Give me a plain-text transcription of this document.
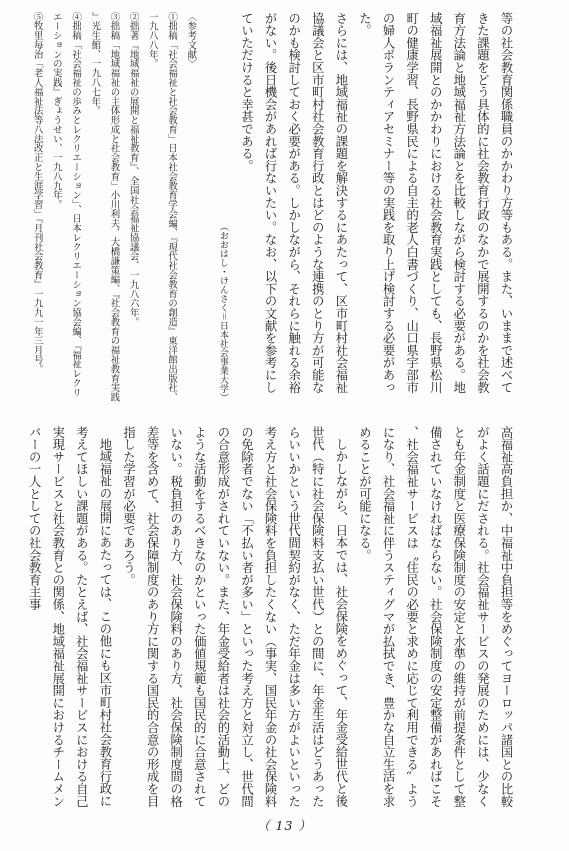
等の社会教育関係職員のかかわり方等もある。また、いままで述べてきた課題をどう具体的に社会教育行政のなかで展開するのかを社会教育方法論と地域福祉方法論とを比較しながら検討する必要がある。地域福祉展開とのかかわりにおける社会教育実践としても、長野県松川町の健康学習、長野県民による自主的老人白書づくり、山口県宇部市の婦人ボランティアセミナー等の実践を取り上げ検討する必要があった。

さらには、地域福祉の課題を解決するにあたって、区市町村社会福祉協議会と区市町村社会教育行政とはどのような連携のとり方が可能なのかも検討しておく必要がある。しかしながら、それらに触れる余裕がない。後日機会があれば行ないたい。なお、以下の文献を参考にしていただけると幸甚である。

（おおはし・けんさく＝日本社会事業大学）

〈参考文献〉

①拙稿「社会福祉と社会教育」日本社会教育学会編、『現代社会教育の創造』東洋館出版社、一九八八年。

②拙著『地域福祉の展開と福祉教育』、全国社会福祉協議会、一九八六年。

③拙稿「地域福祉の主体形成と社会教育」小川利夫、大橋謙策編、『社会教育の福祉教育実践』光生館、一九八七年。

④拙稿「社会福祉の歩みとレクリエーション」、日本レクリエーション協会編、『福祉レクリエーションの実践』ぎょうせい、一九八九年。

⑤牧里毎治「老人福祉法等八法改正と生涯学習」『月刊社会教育』一九九一年三月号。

高福祉高負担か、中福祉中負担等をめぐってヨーロッパ諸国との比較がよく話題にだされる。社会福祉サービスの発展のためには、少なくとも年金制度と医療保険制度の安定と水準の維持が前提条件として整備されていなければならない。社会保険制度の安定整備があればこそ、社会福祉サービスは〝住民の必要と求めに応じて利用できる〟ようになり、社会福祉に伴うスティグマが払拭でき、豊かな自立生活を求めることが可能になる。

しかしながら、日本では、社会保険をめぐって、年金受給世代と後世代（特に社会保険料支払い世代）との間に、年金生活はどうあったらいいかという世代間契約がなく、ただ年金は多い方がよいといった考え方と社会保険料を負担したくない（事実、国民年金の社会保険料の免除者でない「不払い者が多い」といった考え方と対立し、世代間の合意形成がされていない。また、年金受給者は社会的活動上、どのような活動をするべきなのかといった価値規範も国民的に合意されていない。税負担のあり方、社会保険料のあり方、社会保険制度間の格差等を含めて、社会保障制度のあり方に関する国民的合意の形成を目指した学習が必要であろう。

地域福祉の展開にあたっては、この他にも区市町村社会教育行政に考えてほしい課題がある。たとえば、社会福祉サービスにおける自己実現サービスと社会教育との関係、地域福祉展開におけるチームメンバーの一人としての社会教育主事

（ 13 ）
